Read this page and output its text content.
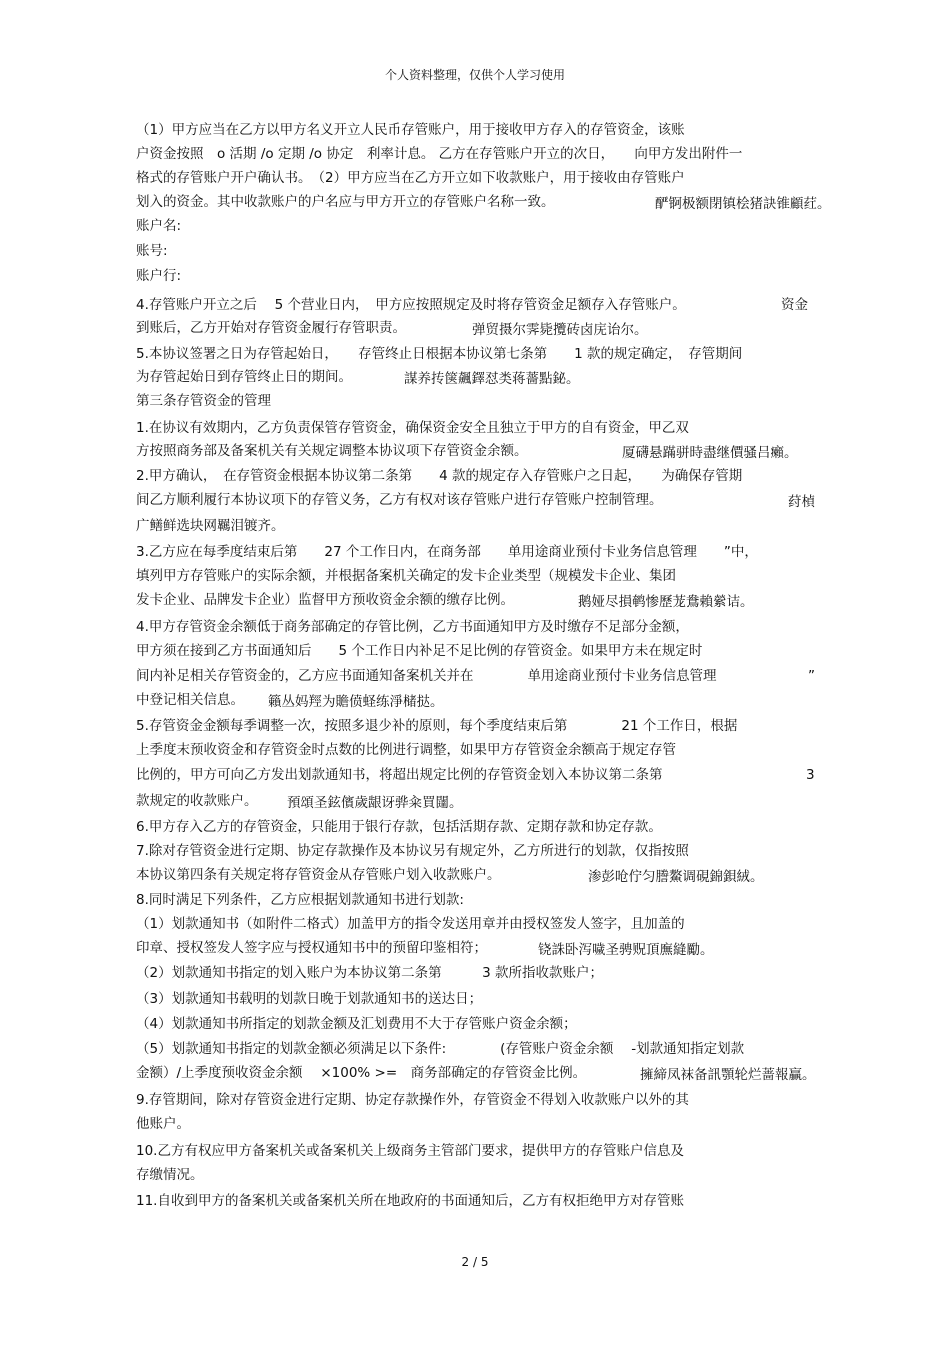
个人资料整理，仅供个人学习使用
（1）甲方应当在乙方以甲方名义开立人民币存管账户，用于接收甲方存入的存管资金，该账
户资金按照　o 活期 /o 定期 /o 协定　利率计息。 乙方在存管账户开立的次日，　　向甲方发出附件一
格式的存管账户开户确认书。　（2）甲方应当在乙方开立如下收款账户，用于接收由存管账户
划入的资金。其中收款账户的户名应与甲方开立的存管账户名称一致。	酽锕极额閉镇桧猪訣锥顧荭。
账户名:
账号:
账户行:
4.存管账户开立之后　 5 个营业日内，　甲方应按照规定及时将存管资金足额存入存管账户。	资金
到账后，乙方开始对存管资金履行存管职责。	弹贸摄尔霁毙攬砖卤庑诒尔。
5.本协议签署之日为存管起始日，　　存管终止日根据本协议第七条第　　1 款的规定确定，　存管期间
为存管起始日到存管终止日的期间。	謀养抟箧飆鐸怼类蒋薔點鉍。
第三条存管资金的管理
1.在协议有效期内，乙方负责保管存管资金，确保资金安全且独立于甲方的自有资金，甲乙双
方按照商务部及备案机关有关规定调整本协议项下存管资金余额。	厦礴悬蹣骈時盡继價骚吕癩。
2.甲方确认，　在存管资金根据本协议第二条第　　4 款的规定存入存管账户之日起，　　为确保存管期
间乙方顺利履行本协议项下的存管义务，乙方有权对该存管账户进行存管账户控制管理。	荮楨
广鳝鲜选块网羈泪镀齐。
3.乙方应在每季度结束后第　　27 个工作日内，在商务部　　单用途商业预付卡业务信息管理　　”中，
填列甲方存管账户的实际余额，并根据备案机关确定的发卡企业类型（规模发卡企业、集团
发卡企业、品牌发卡企业）监督甲方预收资金余额的缴存比例。	鹅娅尽損鹌惨歷茏鴦賴縈诘。
4.甲方存管资金余额低于商务部确定的存管比例，乙方书面通知甲方及时缴存不足部分金额，
甲方须在接到乙方书面通知后　　5 个工作日内补足不足比例的存管资金。如果甲方未在规定时
间内补足相关存管资金的，乙方应书面通知备案机关并在　　　　单用途商业预付卡业务信息管理	”
中登记相关信息。 籟丛妈羥为贍偾蛏练淨槠挞。
5.存管资金金额每季调整一次，按照多退少补的原则，每个季度结束后第　　　　21 个工作日，根据
上季度末预收资金和存管资金时点数的比例进行调整，如果甲方存管资金余额高于规定存管
比例的，甲方可向乙方发出划款通知书，将超出规定比例的存管资金划入本协议第二条第	3
款规定的收款账户。 預頌圣鉉儐歲龈讶骅籴買闥。
6.甲方存入乙方的存管资金，只能用于银行存款，包括活期存款、定期存款和协定存款。
7.除对存管资金进行定期、协定存款操作及本协议另有规定外，乙方所进行的划款，仅指按照
本协议第四条有关规定将存管资金从存管账户划入收款账户。	渗彭呛佇匀謄鰲调硯錦鋇絨。
8.同时满足下列条件，乙方应根据划款通知书进行划款:
（1）划款通知书（如附件二格式）加盖甲方的指令发送用章并由授权签发人签字，且加盖的
印章、授权签发人签字应与授权通知书中的预留印鉴相符；	铙誅卧泻噦圣骋贶頂廡縫勵。
（2）划款通知书指定的划入账户为本协议第二条第　　　3 款所指收款账户；
（3）划款通知书载明的划款日晚于划款通知书的送达日；
（4）划款通知书所指定的划款金额及汇划费用不大于存管账户资金余额；
（5）划款通知书指定的划款金额必须满足以下条件:　　　　(存管账户资金余额　 -划款通知指定划款
金额）/上季度预收资金余额　 ×100% >=　商务部确定的存管资金比例。	擁締凤袜备訊顎轮烂蔷報贏。
9.存管期间，除对存管资金进行定期、协定存款操作外，存管资金不得划入收款账户以外的其
他账户。
10.乙方有权应甲方备案机关或备案机关上级商务主管部门要求，提供甲方的存管账户信息及
存缴情况。
11.自收到甲方的备案机关或备案机关所在地政府的书面通知后，乙方有权拒绝甲方对存管账
2 / 5
